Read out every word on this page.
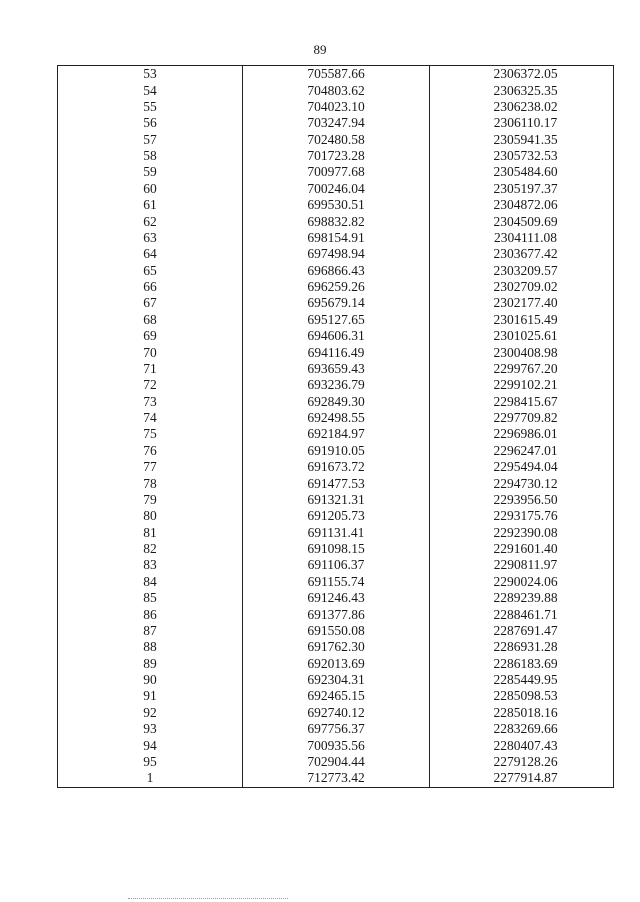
89
53	705587.66	2306372.05
54	704803.62	2306325.35
55	704023.10	2306238.02
56	703247.94	2306110.17
57	702480.58	2305941.35
58	701723.28	2305732.53
59	700977.68	2305484.60
60	700246.04	2305197.37
61	699530.51	2304872.06
62	698832.82	2304509.69
63	698154.91	2304111.08
64	697498.94	2303677.42
65	696866.43	2303209.57
66	696259.26	2302709.02
67	695679.14	2302177.40
68	695127.65	2301615.49
69	694606.31	2301025.61
70	694116.49	2300408.98
71	693659.43	2299767.20
72	693236.79	2299102.21
73	692849.30	2298415.67
74	692498.55	2297709.82
75	692184.97	2296986.01
76	691910.05	2296247.01
77	691673.72	2295494.04
78	691477.53	2294730.12
79	691321.31	2293956.50
80	691205.73	2293175.76
81	691131.41	2292390.08
82	691098.15	2291601.40
83	691106.37	2290811.97
84	691155.74	2290024.06
85	691246.43	2289239.88
86	691377.86	2288461.71
87	691550.08	2287691.47
88	691762.30	2286931.28
89	692013.69	2286183.69
90	692304.31	2285449.95
91	692465.15	2285098.53
92	692740.12	2285018.16
93	697756.37	2283269.66
94	700935.56	2280407.43
95	702904.44	2279128.26
1	712773.42	2277914.87
